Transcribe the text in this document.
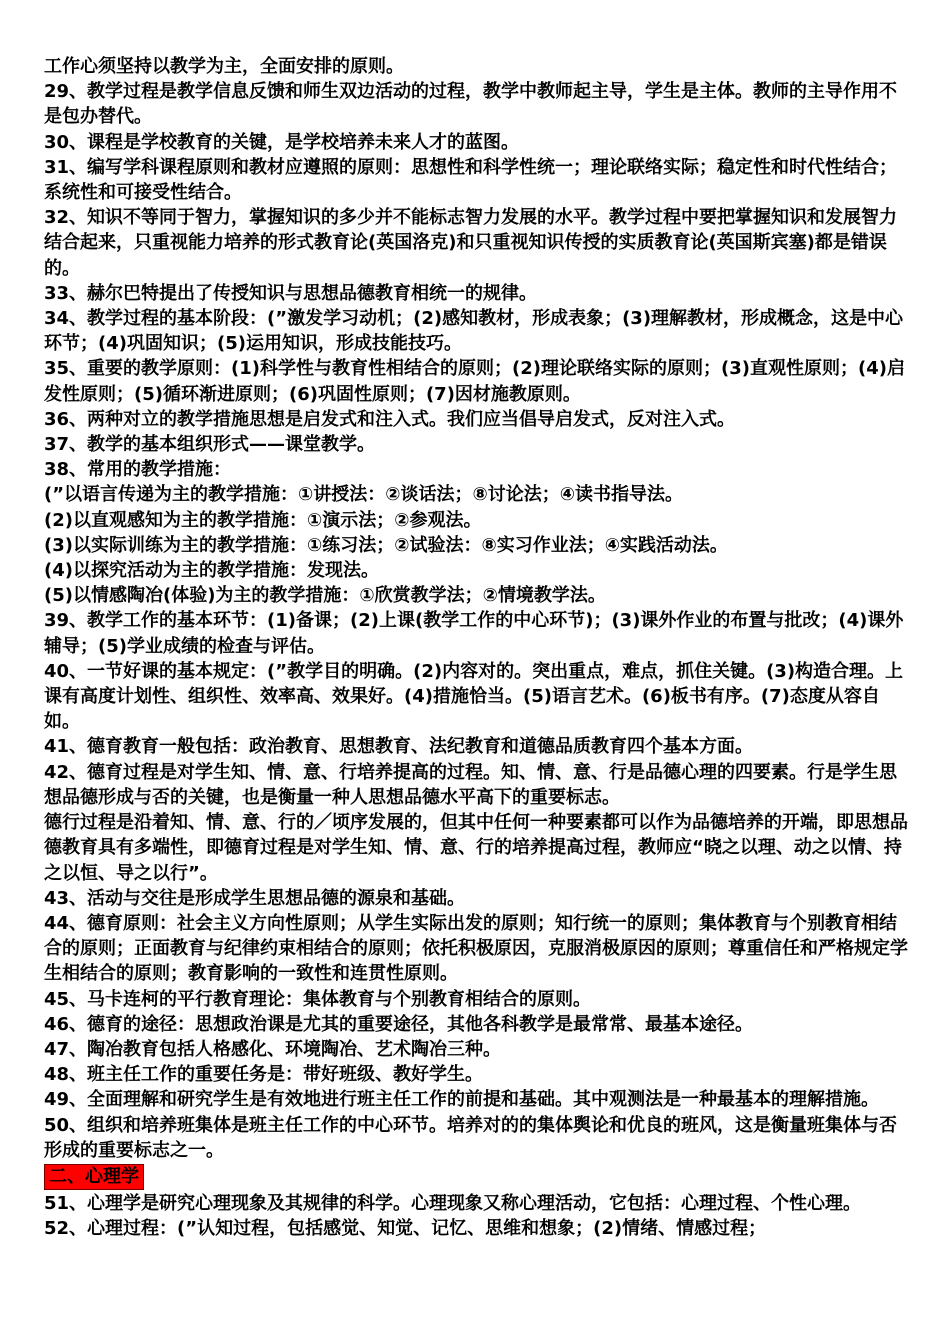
工作心须坚持以教学为主，全面安排的原则。

29、教学过程是教学信息反馈和师生双边活动的过程，教学中教师起主导，学生是主体。教师的主导作用不是包办替代。

30、课程是学校教育的关键，是学校培养未来人才的蓝图。

31、编写学科课程原则和教材应遵照的原则：思想性和科学性统一；理论联络实际；稳定性和时代性结合；系统性和可接受性结合。

32、知识不等同于智力，掌握知识的多少并不能标志智力发展的水平。教学过程中要把掌握知识和发展智力结合起来，只重视能力培养的形式教育论(英国洛克)和只重视知识传授的实质教育论(英国斯宾塞)都是错误的。

33、赫尔巴特提出了传授知识与思想品德教育相统一的规律。

34、教学过程的基本阶段：(”激发学习动机；(2)感知教材，形成表象；(3)理解教材，形成概念，这是中心环节；(4)巩固知识；(5)运用知识，形成技能技巧。

35、重要的教学原则：(1)科学性与教育性相结合的原则；(2)理论联络实际的原则；(3)直观性原则；(4)启发性原则；(5)循环渐进原则；(6)巩固性原则；(7)因材施教原则。

36、两种对立的教学措施思想是启发式和注入式。我们应当倡导启发式，反对注入式。

37、教学的基本组织形式——课堂教学。

38、常用的教学措施：

(”以语言传递为主的教学措施：①讲授法：②谈话法；⑧讨论法；④读书指导法。

(2)以直观感知为主的教学措施：①演示法；②参观法。

(3)以实际训练为主的教学措施：①练习法；②试验法：⑧实习作业法；④实践活动法。

(4)以探究活动为主的教学措施：发现法。

(5)以情感陶冶(体验)为主的教学措施：①欣赏教学法；②情境教学法。

39、教学工作的基本环节：(1)备课；(2)上课(教学工作的中心环节)；(3)课外作业的布置与批改；(4)课外辅导；(5)学业成绩的检查与评估。

40、一节好课的基本规定：(”教学目的明确。(2)内容对的。突出重点，难点，抓住关键。(3)构造合理。上课有高度计划性、组织性、效率高、效果好。(4)措施恰当。(5)语言艺术。(6)板书有序。(7)态度从容自如。

41、德育教育一般包括：政治教育、思想教育、法纪教育和道德品质教育四个基本方面。

42、德育过程是对学生知、情、意、行培养提高的过程。知、情、意、行是品德心理的四要素。行是学生思想品德形成与否的关键，也是衡量一种人思想品德水平高下的重要标志。

德行过程是沿着知、情、意、行的／顷序发展的，但其中任何一种要素都可以作为品德培养的开端，即思想品德教育具有多端性，即德育过程是对学生知、情、意、行的培养提高过程，教师应“晓之以理、动之以情、持之以恒、导之以行”。

43、活动与交往是形成学生思想品德的源泉和基础。

44、德育原则：社会主义方向性原则；从学生实际出发的原则；知行统一的原则；集体教育与个别教育相结合的原则；正面教育与纪律约束相结合的原则；依托积极原因，克服消极原因的原则；尊重信任和严格规定学生相结合的原则；教育影响的一致性和连贯性原则。

45、马卡连柯的平行教育理论：集体教育与个别教育相结合的原则。

46、德育的途径：思想政治课是尤其的重要途径，其他各科教学是最常常、最基本途径。

47、陶冶教育包括人格感化、环境陶冶、艺术陶冶三种。

48、班主任工作的重要任务是：带好班级、教好学生。

49、全面理解和研究学生是有效地进行班主任工作的前提和基础。其中观测法是一种最基本的理解措施。

50、组织和培养班集体是班主任工作的中心环节。培养对的的集体舆论和优良的班风，这是衡量班集体与否形成的重要标志之一。

二、心理学

51、心理学是研究心理现象及其规律的科学。心理现象又称心理活动，它包括：心理过程、个性心理。

52、心理过程：(”认知过程，包括感觉、知觉、记忆、思维和想象；(2)情绪、情感过程；
